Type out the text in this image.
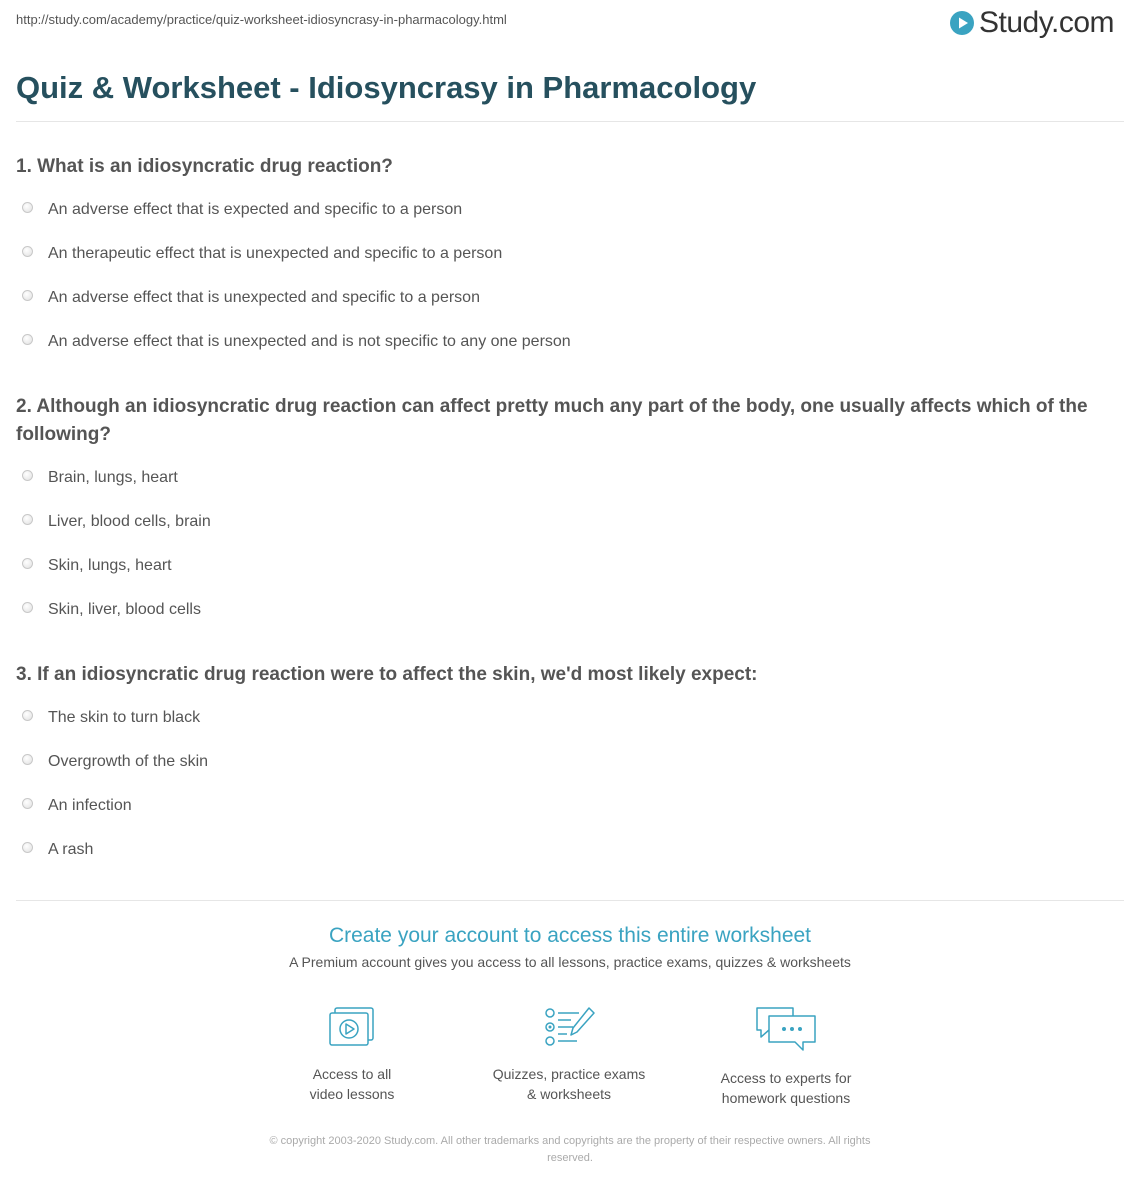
http://study.com/academy/practice/quiz-worksheet-idiosyncrasy-in-pharmacology.html	Study.com
Quiz & Worksheet - Idiosyncrasy in Pharmacology
1. What is an idiosyncratic drug reaction?
An adverse effect that is expected and specific to a person
An therapeutic effect that is unexpected and specific to a person
An adverse effect that is unexpected and specific to a person
An adverse effect that is unexpected and is not specific to any one person
2. Although an idiosyncratic drug reaction can affect pretty much any part of the body, one usually affects which of the following?
Brain, lungs, heart
Liver, blood cells, brain
Skin, lungs, heart
Skin, liver, blood cells
3. If an idiosyncratic drug reaction were to affect the skin, we'd most likely expect:
The skin to turn black
Overgrowth of the skin
An infection
A rash
Create your account to access this entire worksheet
A Premium account gives you access to all lessons, practice exams, quizzes & worksheets
Access to all
video lessons
Quizzes, practice exams
& worksheets
Access to experts for
homework questions
© copyright 2003-2020 Study.com. All other trademarks and copyrights are the property of their respective owners. All rights
reserved.
